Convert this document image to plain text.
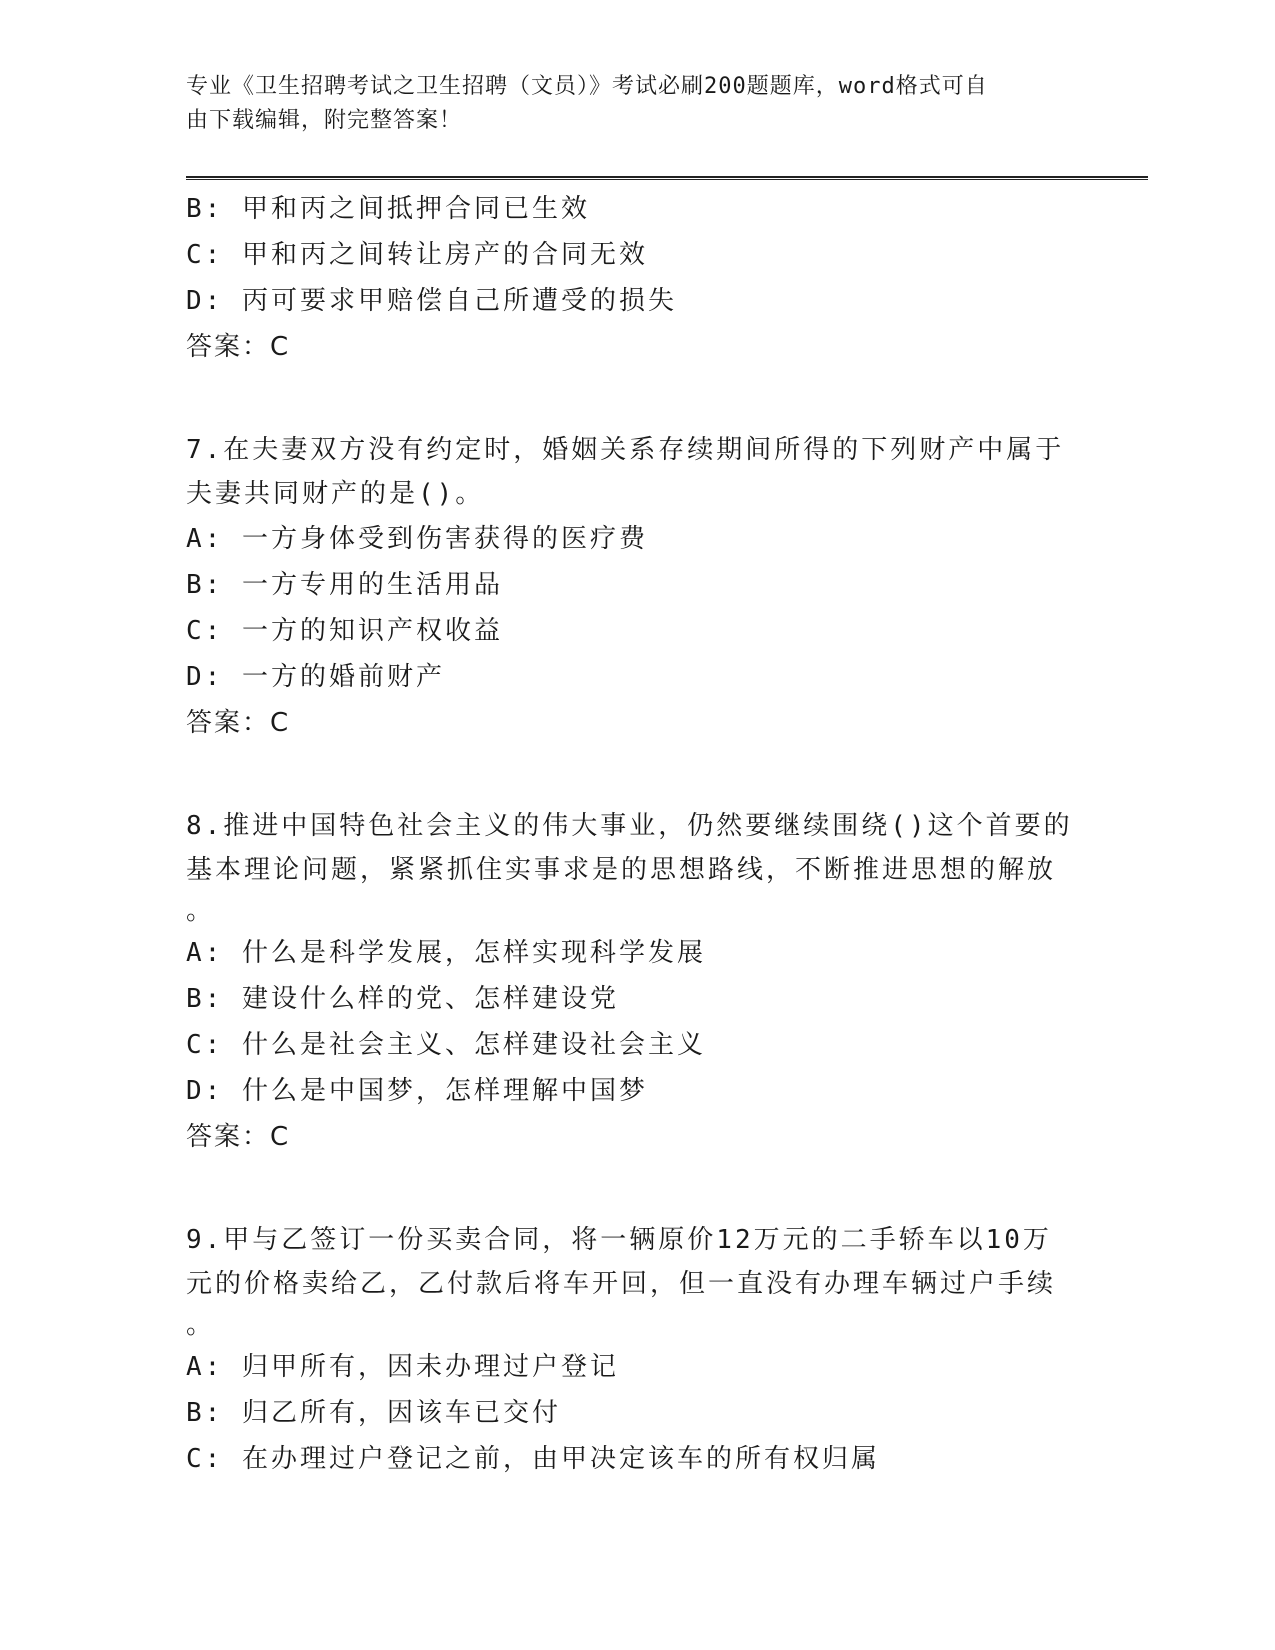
专业《卫生招聘考试之卫生招聘（文员）》考试必刷200题题库，word格式可自
由下载编辑，附完整答案！
B: 甲和丙之间抵押合同已生效
C: 甲和丙之间转让房产的合同无效
D: 丙可要求甲赔偿自己所遭受的损失
答案：C
7.在夫妻双方没有约定时，婚姻关系存续期间所得的下列财产中属于
夫妻共同财产的是()。
A: 一方身体受到伤害获得的医疗费
B: 一方专用的生活用品
C: 一方的知识产权收益
D: 一方的婚前财产
答案：C
8.推进中国特色社会主义的伟大事业，仍然要继续围绕()这个首要的
基本理论问题，紧紧抓住实事求是的思想路线，不断推进思想的解放
。
A: 什么是科学发展，怎样实现科学发展
B: 建设什么样的党、怎样建设党
C: 什么是社会主义、怎样建设社会主义
D: 什么是中国梦，怎样理解中国梦
答案：C
9.甲与乙签订一份买卖合同，将一辆原价12万元的二手轿车以10万
元的价格卖给乙，乙付款后将车开回，但一直没有办理车辆过户手续
。
A: 归甲所有，因未办理过户登记
B: 归乙所有，因该车已交付
C: 在办理过户登记之前，由甲决定该车的所有权归属
